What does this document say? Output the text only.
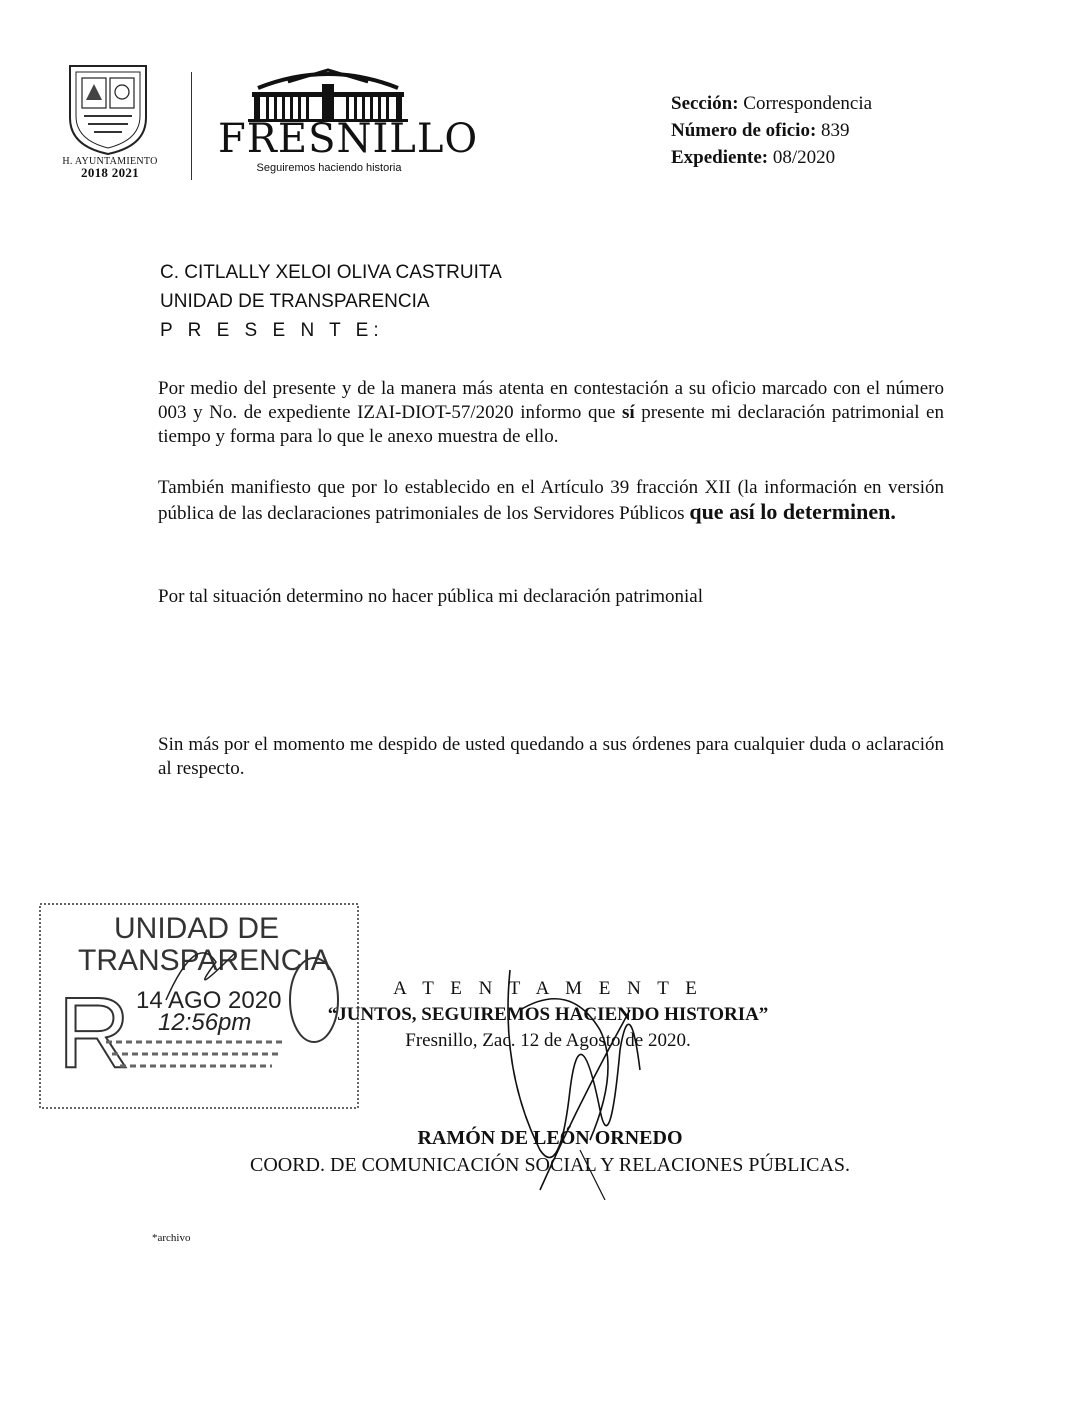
H. AYUNTAMIENTO
2018 2021
FRESNILLO
Seguiremos haciendo historia
Sección: Correspondencia
Número de oficio: 839
Expediente: 08/2020
C. CITLALLY XELOI OLIVA CASTRUITA
UNIDAD DE TRANSPARENCIA
P R E S E N T E:
Por medio del presente y de la manera más atenta en contestación a su oficio marcado con el número 003 y No. de expediente IZAI-DIOT-57/2020 informo que sí presente mi declaración patrimonial en tiempo y forma para lo que le anexo muestra de ello.
También manifiesto que por lo establecido en el Artículo 39 fracción XII (la información en versión pública de las declaraciones patrimoniales de los Servidores Públicos que así lo determinen.
Por tal situación determino no hacer pública mi declaración patrimonial
Sin más por el momento me despido de usted quedando a sus órdenes para cualquier duda o aclaración al respecto.
UNIDAD DE
TRANSPARENCIA
R 14 AGO 2020
12:56pm
A T E N T A M E N T E
“JUNTOS, SEGUIREMOS HACIENDO HISTORIA”
Fresnillo, Zac. 12 de Agosto de 2020.
RAMÓN DE LEÓN ORNEDO
COORD. DE COMUNICACIÓN SOCIAL Y RELACIONES PÚBLICAS.
*archivo
